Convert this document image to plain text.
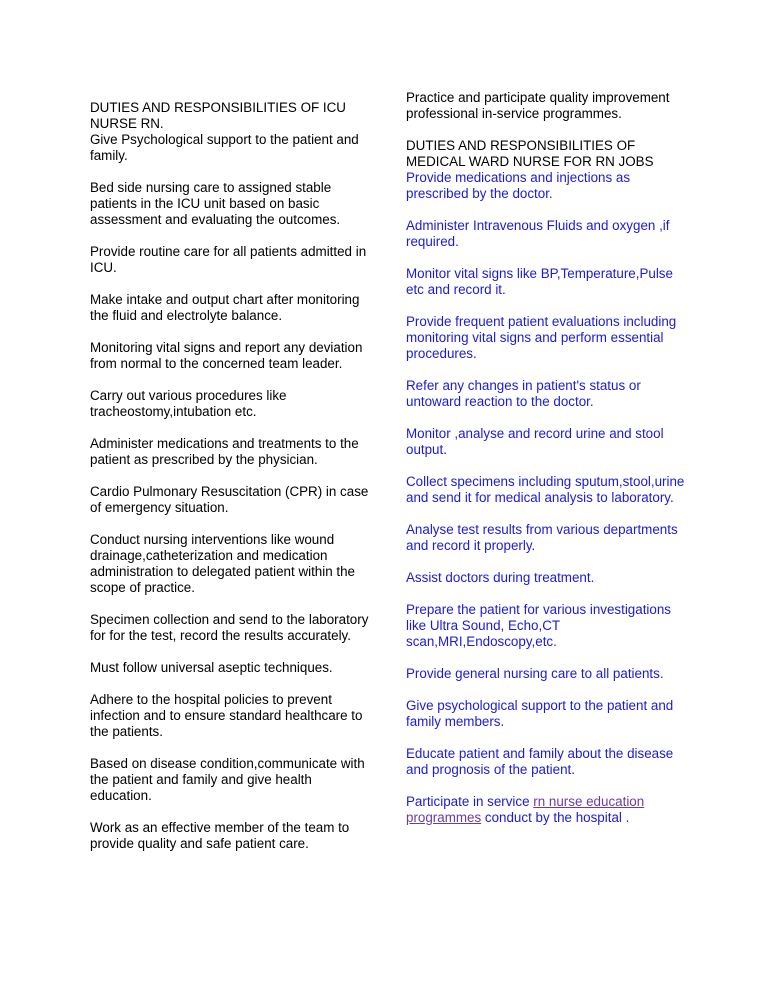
DUTIES AND RESPONSIBILITIES OF ICU NURSE RN.
Give Psychological support to the patient and family.
Bed side nursing care to assigned stable patients in the ICU unit based on basic assessment and evaluating the outcomes.
Provide routine care for all patients admitted in ICU.
Make intake and output chart after monitoring the fluid and electrolyte balance.
Monitoring vital signs and report any deviation from normal to the concerned team leader.
Carry out various procedures like tracheostomy,intubation etc.
Administer medications and treatments to the patient as prescribed by the physician.
Cardio Pulmonary Resuscitation (CPR) in case of emergency situation.
Conduct nursing interventions like wound drainage,catheterization and medication administration to delegated patient within the scope of practice.
Specimen collection and send to the laboratory for for the test, record the results accurately.
Must follow universal aseptic techniques.
Adhere to the hospital policies to prevent infection and to ensure standard healthcare to the patients.
Based on disease condition,communicate with the patient and family and give health education.
Work as an effective member of the team to provide quality and safe patient care.
Practice and participate quality improvement professional in-service programmes.
DUTIES AND RESPONSIBILITIES OF MEDICAL WARD NURSE FOR RN JOBS
Provide medications and injections as prescribed by the doctor.
Administer Intravenous Fluids and oxygen ,if required.
Monitor vital signs like BP,Temperature,Pulse etc and record it.
Provide frequent patient evaluations including monitoring vital signs and perform essential procedures.
Refer any changes in patient's status or untoward reaction to the doctor.
Monitor ,analyse and record urine and stool output.
Collect specimens including sputum,stool,urine and send it for medical analysis to laboratory.
Analyse test results from various departments and record it properly.
Assist doctors during treatment.
Prepare the patient for various investigations like Ultra Sound, Echo,CT scan,MRI,Endoscopy,etc.
Provide general nursing care to all patients.
Give psychological support to the patient and family members.
Educate patient and family about the disease and prognosis of the patient.
Participate in service rn nurse education programmes conduct by the hospital .
